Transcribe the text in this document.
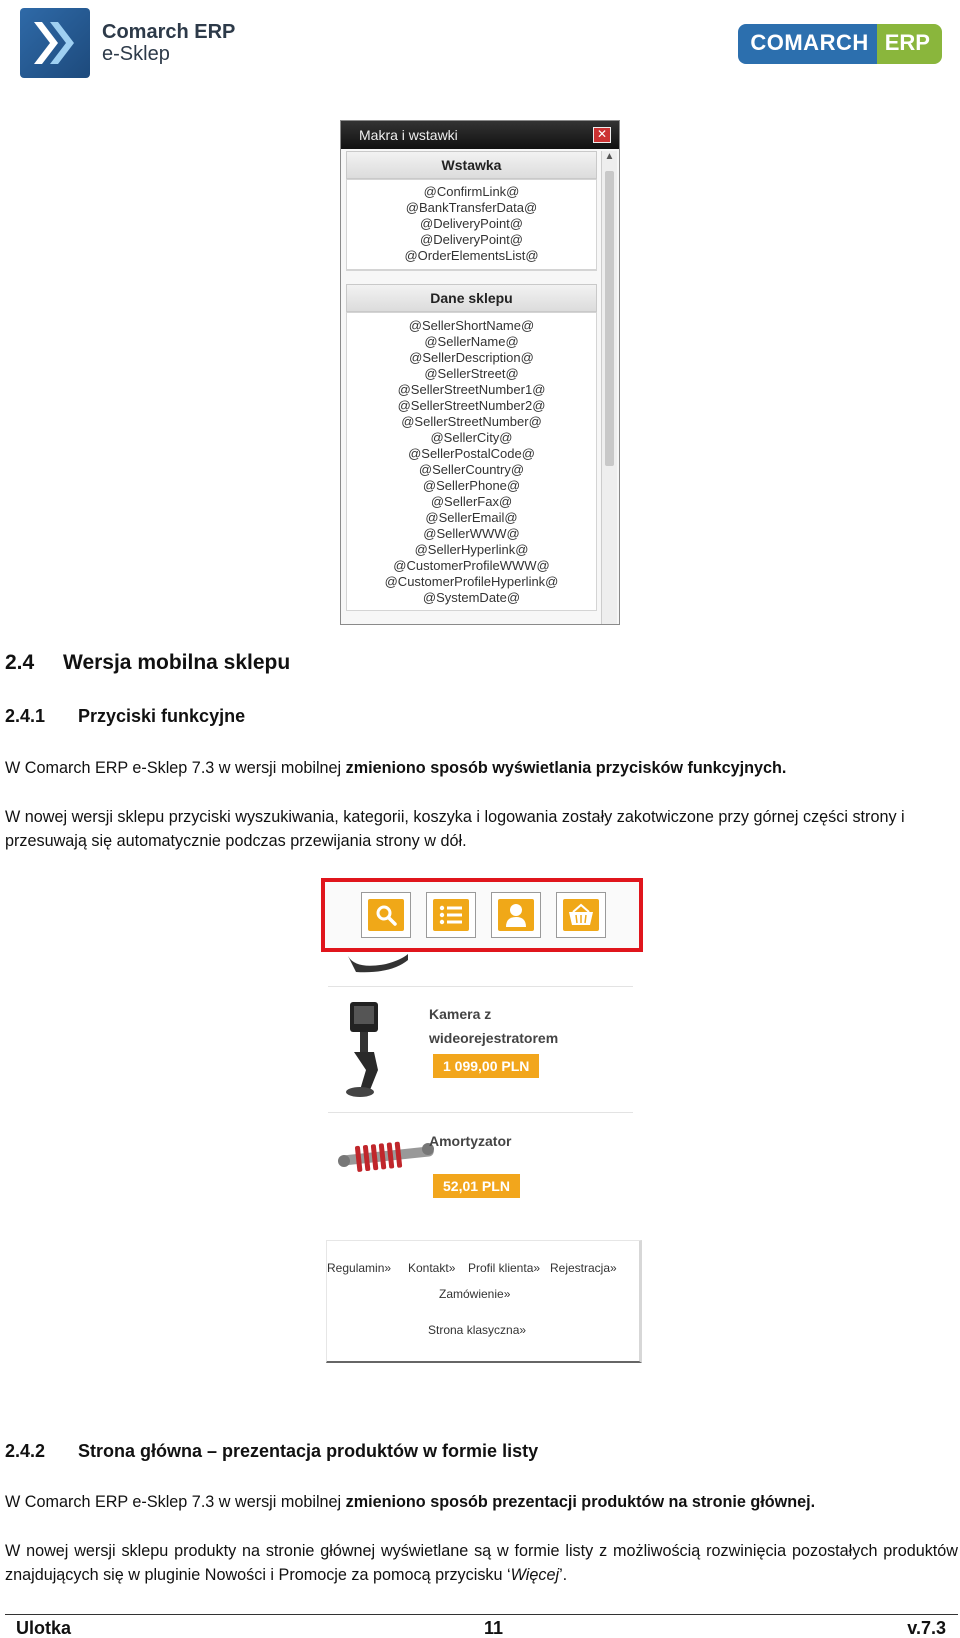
Comarch ERP
e-Sklep	COMARCH ERP
Makra i wstawki	✕
Wstawka
@ConfirmLink@
@BankTransferData@
@DeliveryPoint@
@DeliveryPoint@
@OrderElementsList@
Dane sklepu
@SellerShortName@
@SellerName@
@SellerDescription@
@SellerStreet@
@SellerStreetNumber1@
@SellerStreetNumber2@
@SellerStreetNumber@
@SellerCity@
@SellerPostalCode@
@SellerCountry@
@SellerPhone@
@SellerFax@
@SellerEmail@
@SellerWWW@
@SellerHyperlink@
@CustomerProfileWWW@
@CustomerProfileHyperlink@
@SystemDate@
▲
2.4 Wersja mobilna sklepu
2.4.1 Przyciski funkcyjne
W Comarch ERP e-Sklep 7.3 w wersji mobilnej zmieniono sposób wyświetlania przycisków funkcyjnych.
W nowej wersji sklepu przyciski wyszukiwania, kategorii, koszyka i logowania zostały zakotwiczone przy górnej części strony i przesuwają się automatycznie podczas przewijania strony w dół.
Kamera z
wideorejestratorem
1 099,00 PLN
Amortyzator
52,01 PLN
Regulamin» Kontakt» Profil klienta» Rejestracja»
Zamówienie»
Strona klasyczna»
2.4.2 Strona główna – prezentacja produktów w formie listy
W Comarch ERP e-Sklep 7.3 w wersji mobilnej zmieniono sposób prezentacji produktów na stronie głównej.
W nowej wersji sklepu produkty na stronie głównej wyświetlane są w formie listy z możliwością rozwinięcia pozostałych produktów znajdujących się w pluginie Nowości i Promocje za pomocą przycisku ‘Więcej’.
Ulotka	11	v.7.3
